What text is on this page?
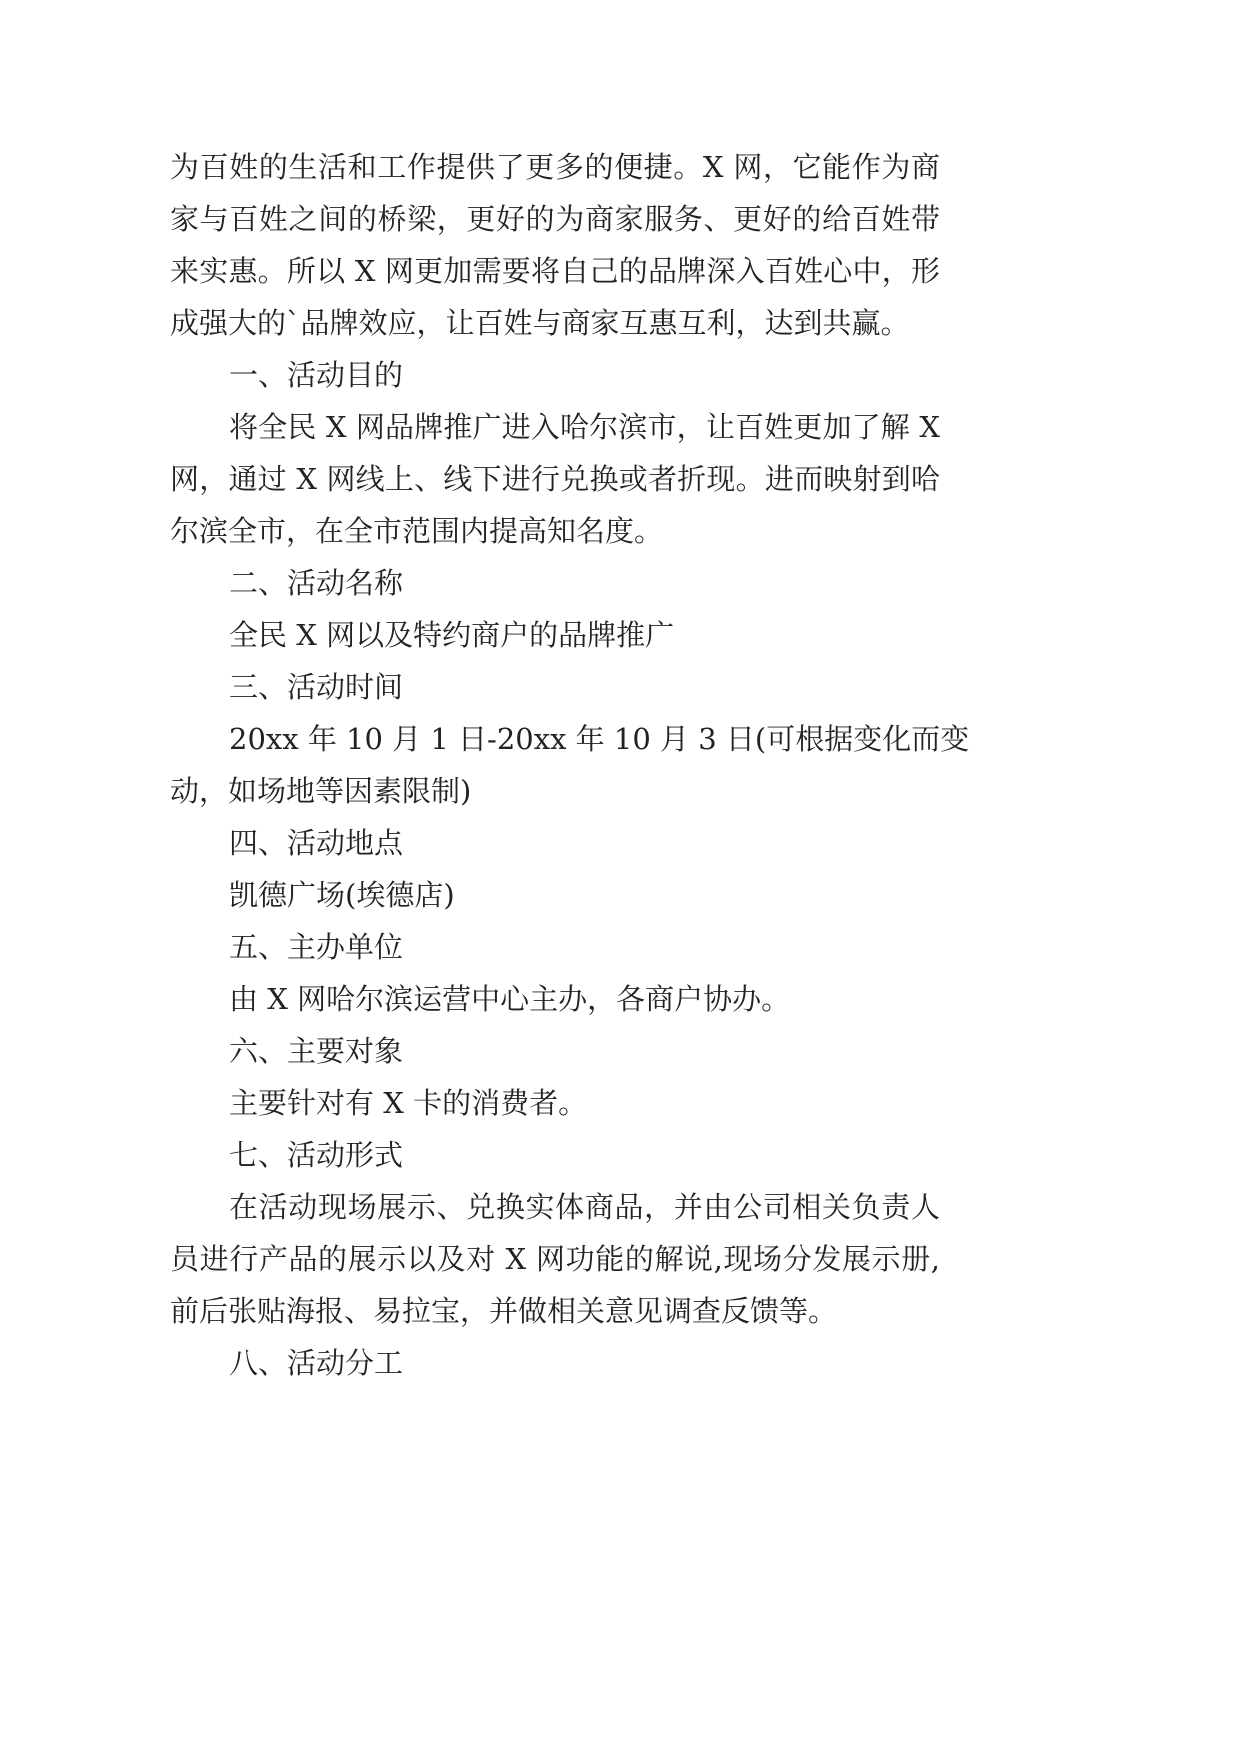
为百姓的生活和工作提供了更多的便捷。X 网，它能作为商

家与百姓之间的桥梁，更好的为商家服务、更好的给百姓带

来实惠。所以 X 网更加需要将自己的品牌深入百姓心中，形

成强大的`品牌效应，让百姓与商家互惠互利，达到共赢。

一、活动目的

将全民 X 网品牌推广进入哈尔滨市，让百姓更加了解 X

网，通过 X 网线上、线下进行兑换或者折现。进而映射到哈

尔滨全市，在全市范围内提高知名度。

二、活动名称

全民 X 网以及特约商户的品牌推广

三、活动时间

20xx 年 10 月 1 日-20xx 年 10 月 3 日(可根据变化而变

动，如场地等因素限制)

四、活动地点

凯德广场(埃德店)

五、主办单位

由 X 网哈尔滨运营中心主办，各商户协办。

六、主要对象

主要针对有 X 卡的消费者。

七、活动形式

在活动现场展示、兑换实体商品，并由公司相关负责人

员进行产品的展示以及对 X 网功能的解说,现场分发展示册,

前后张贴海报、易拉宝，并做相关意见调查反馈等。

八、活动分工
